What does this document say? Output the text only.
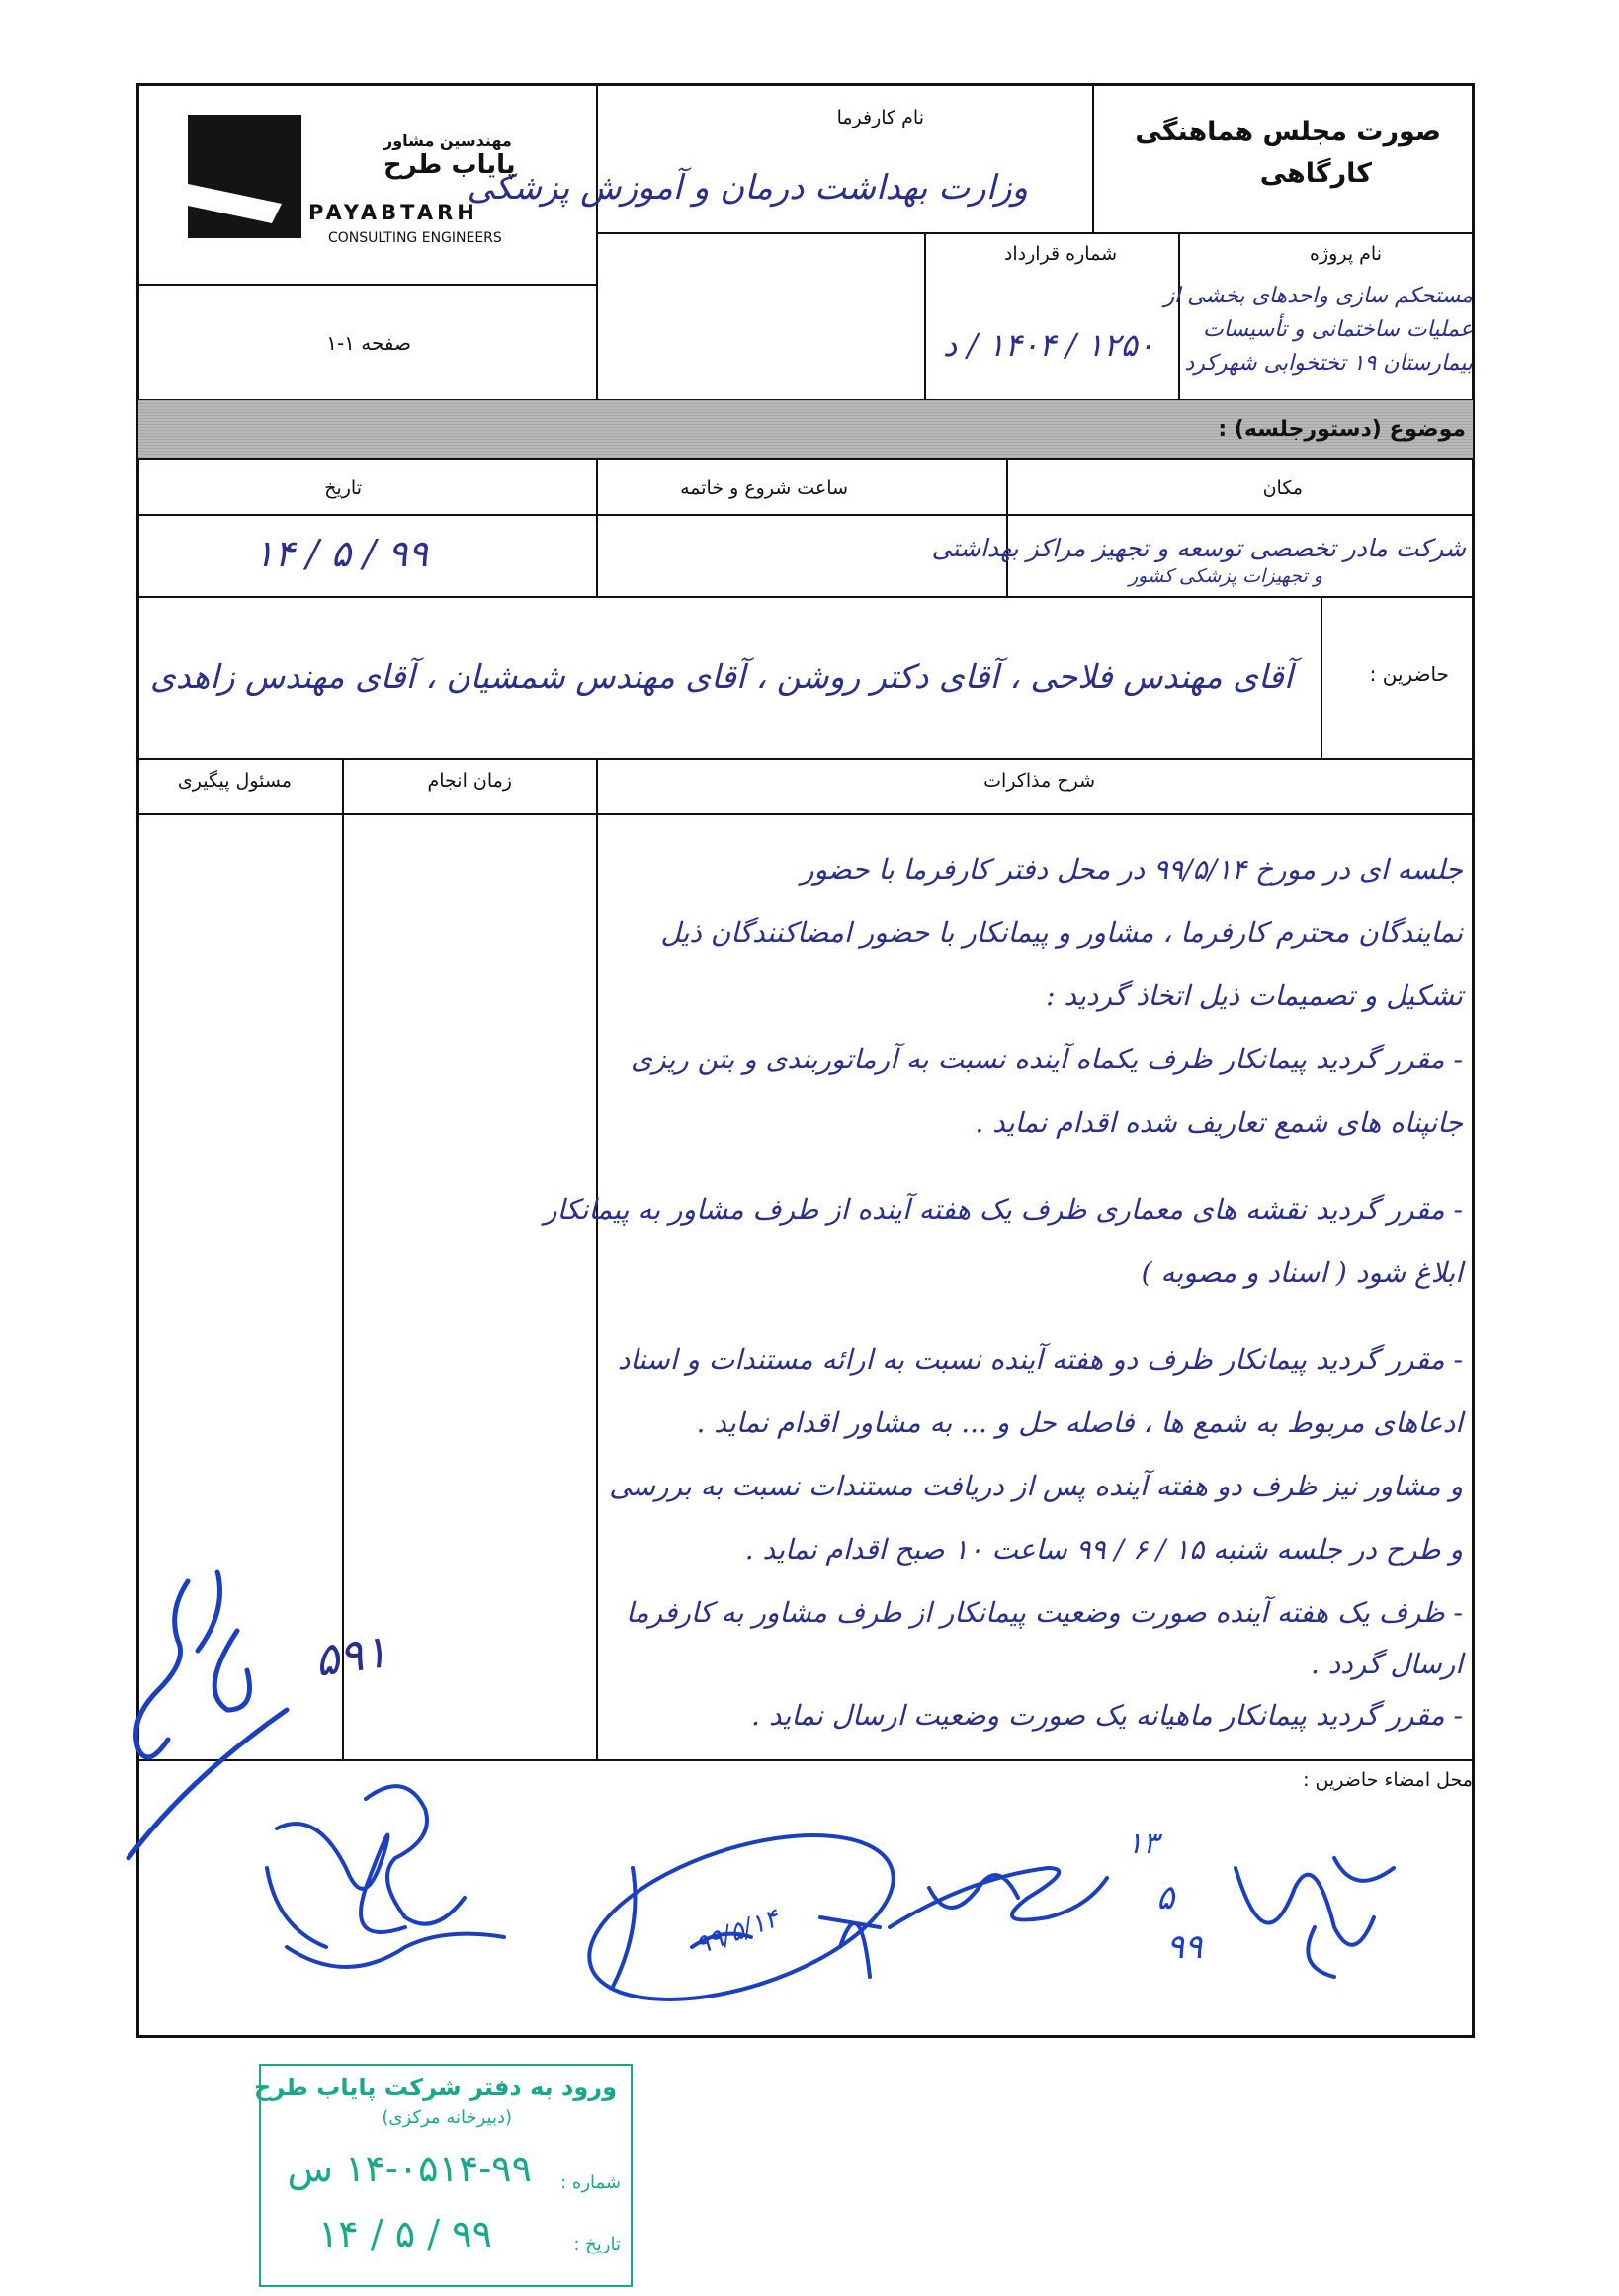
صورت مجلس هماهنگی
کارگاهی
نام کارفرما
وزارت بهداشت درمان و آموزش پزشکی
مهندسین مشاور
پایاب طرح
PAYABTARH
CONSULTING ENGINEERS
نام پروژه
مستحکم سازی واحدهای بخشی از
عملیات ساختمانی و تأسیسات
بیمارستان ۱۹ تختخوابی شهرکرد
شماره قرارداد
۱۲۵۰ / ۱۴۰۴ / د
صفحه ۱-۱
موضوع (دستورجلسه) :
مکان
شرکت مادر تخصصی توسعه و تجهیز مراکز بهداشتی
و تجهیزات پزشکی کشور
ساعت شروع و خاتمه
تاریخ
۹۹ / ۵ / ۱۴
حاضرین :
آقای مهندس فلاحی ، آقای دکتر روشن ، آقای مهندس شمشیان ، آقای مهندس زاهدی
شرح مذاکرات
زمان انجام
مسئول پیگیری
جلسه ای در مورخ ۹۹/۵/۱۴ در محل دفتر کارفرما با حضور
نمایندگان محترم کارفرما ، مشاور و پیمانکار با حضور امضاکنندگان ذیل
تشکیل و تصمیمات ذیل اتخاذ گردید :
- مقرر گردید پیمانکار ظرف یکماه آینده نسبت به آرماتوربندی و بتن ریزی
جانپناه های شمع تعاریف شده اقدام نماید .
- مقرر گردید نقشه های معماری ظرف یک هفته آینده از طرف مشاور به پیمانکار
ابلاغ شود ( اسناد و مصوبه )
- مقرر گردید پیمانکار ظرف دو هفته آینده نسبت به ارائه مستندات و اسناد
ادعاهای مربوط به شمع ها ، فاصله حل و ... به مشاور اقدام نماید .
و مشاور نیز ظرف دو هفته آینده پس از دریافت مستندات نسبت به بررسی
و طرح در جلسه شنبه ۱۵ / ۶ / ۹۹ ساعت ۱۰ صبح اقدام نماید .
- ظرف یک هفته آینده صورت وضعیت پیمانکار از طرف مشاور به کارفرما
ارسال گردد .
- مقرر گردید پیمانکار ماهیانه یک صورت وضعیت ارسال نماید .
۵۹۱
محل امضاء حاضرین :
۹۹/۵/۱۴
۱۳
۵
۹۹
ورود به دفتر شرکت پایاب طرح
(دبیرخانه مرکزی)
شماره :
۱۴-۰۵۱۴-۹۹ س
تاریخ :
۹۹ / ۵ / ۱۴
